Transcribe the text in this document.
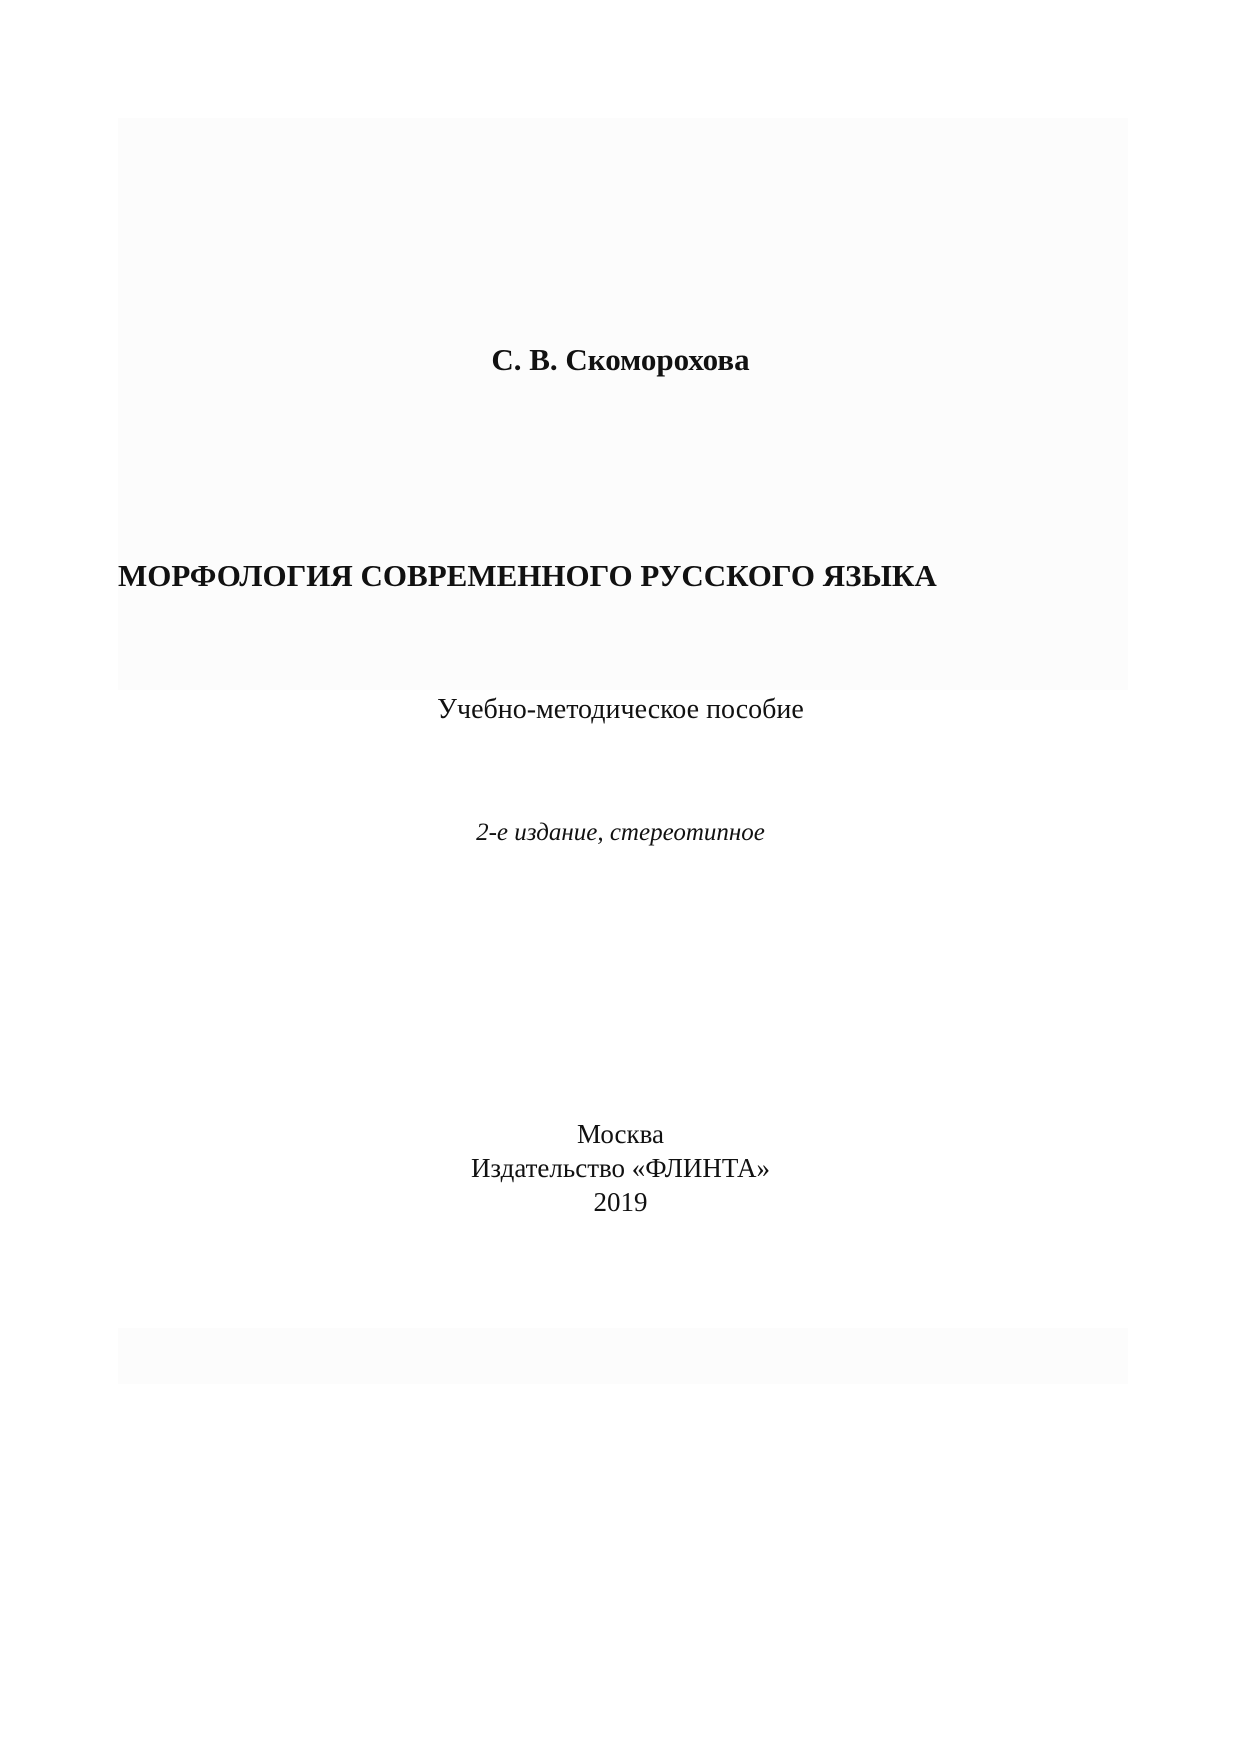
С. В. Скоморохова
МОРФОЛОГИЯ СОВРЕМЕННОГО РУССКОГО ЯЗЫКА
Учебно-методическое пособие
2-е издание, стереотипное
Москва
Издательство «ФЛИНТА»
2019
